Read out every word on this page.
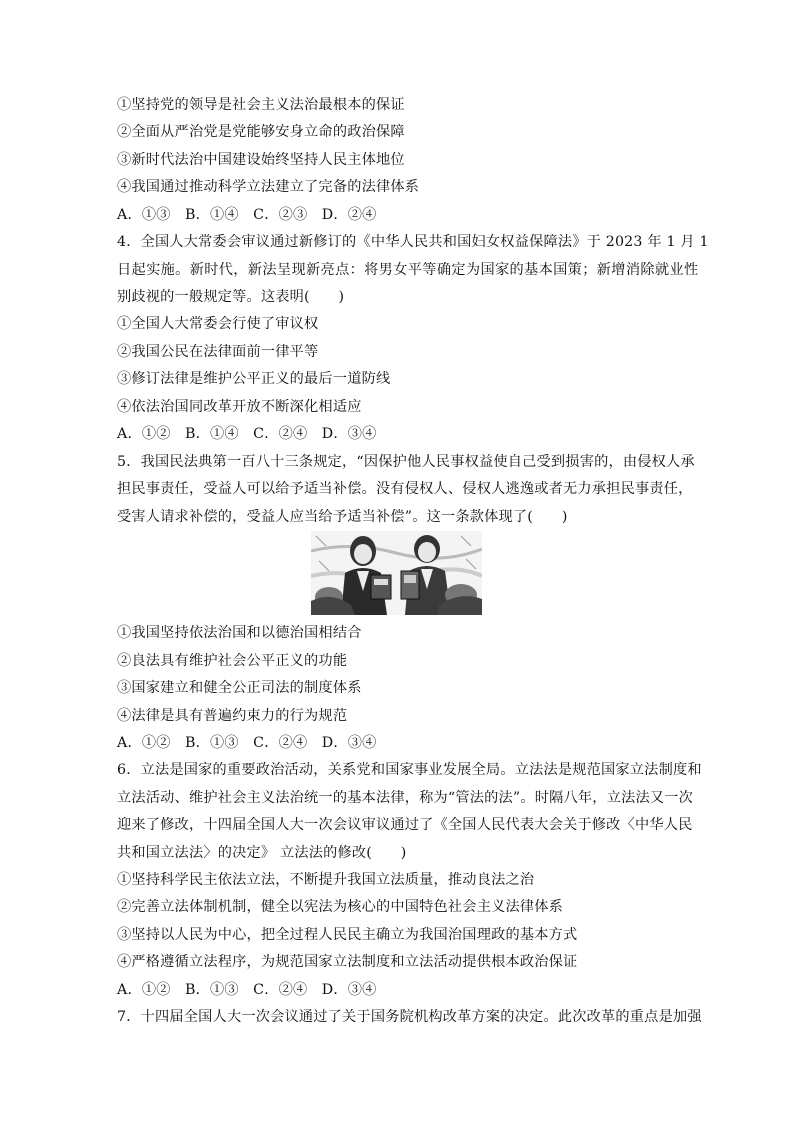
①坚持党的领导是社会主义法治最根本的保证
②全面从严治党是党能够安身立命的政治保障
③新时代法治中国建设始终坚持人民主体地位
④我国通过推动科学立法建立了完备的法律体系
A．①③　B．①④　C．②③　D．②④
4．全国人大常委会审议通过新修订的《中华人民共和国妇女权益保障法》于 2023 年 1 月 1
日起实施。新时代，新法呈现新亮点：将男女平等确定为国家的基本国策；新增消除就业性
别歧视的一般规定等。这表明(　　)
①全国人大常委会行使了审议权
②我国公民在法律面前一律平等
③修订法律是维护公平正义的最后一道防线
④依法治国同改革开放不断深化相适应
A．①②　B．①④　C．②④　D．③④
5．我国民法典第一百八十三条规定，“因保护他人民事权益使自己受到损害的，由侵权人承
担民事责任，受益人可以给予适当补偿。没有侵权人、侵权人逃逸或者无力承担民事责任，
受害人请求补偿的，受益人应当给予适当补偿”。这一条款体现了(　　)
①我国坚持依法治国和以德治国相结合
②良法具有维护社会公平正义的功能
③国家建立和健全公正司法的制度体系
④法律是具有普遍约束力的行为规范
A．①②　B．①③　C．②④　D．③④
6．立法是国家的重要政治活动，关系党和国家事业发展全局。立法法是规范国家立法制度和
立法活动、维护社会主义法治统一的基本法律，称为“管法的法”。时隔八年，立法法又一次
迎来了修改，十四届全国人大一次会议审议通过了《全国人民代表大会关于修改〈中华人民
共和国立法法〉的决定》 立法法的修改(　　)
①坚持科学民主依法立法，不断提升我国立法质量，推动良法之治
②完善立法体制机制，健全以宪法为核心的中国特色社会主义法律体系
③坚持以人民为中心，把全过程人民民主确立为我国治国理政的基本方式
④严格遵循立法程序，为规范国家立法制度和立法活动提供根本政治保证
A．①②　B．①③　C．②④　D．③④
7．十四届全国人大一次会议通过了关于国务院机构改革方案的决定。此次改革的重点是加强
